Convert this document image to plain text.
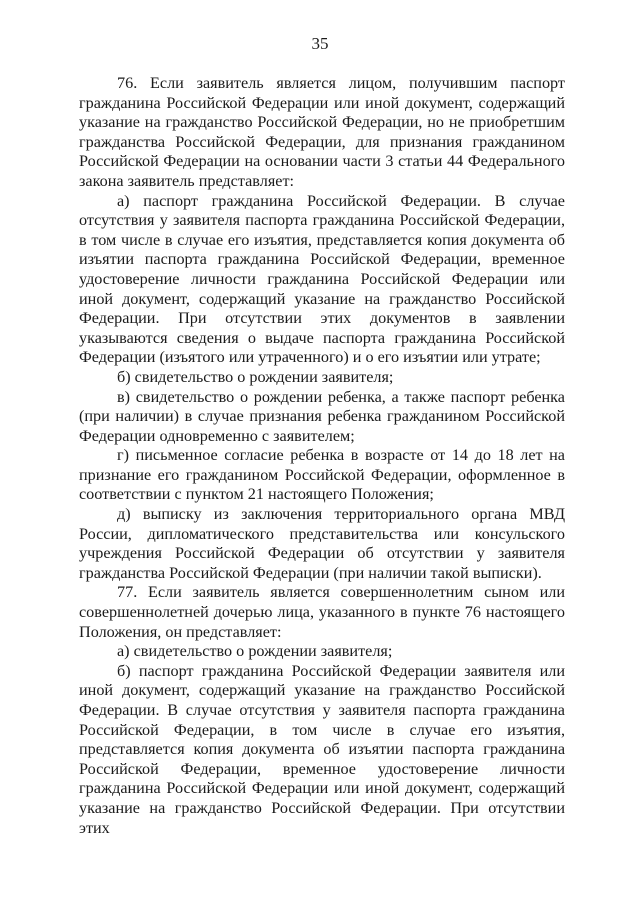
35

76. Если заявитель является лицом, получившим паспорт гражданина Российской Федерации или иной документ, содержащий указание на гражданство Российской Федерации, но не приобретшим гражданства Российской Федерации, для признания гражданином Российской Федерации на основании части 3 статьи 44 Федерального закона заявитель представляет:

а) паспорт гражданина Российской Федерации. В случае отсутствия у заявителя паспорта гражданина Российской Федерации, в том числе в случае его изъятия, представляется копия документа об изъятии паспорта гражданина Российской Федерации, временное удостоверение личности гражданина Российской Федерации или иной документ, содержащий указание на гражданство Российской Федерации. При отсутствии этих документов в заявлении указываются сведения о выдаче паспорта гражданина Российской Федерации (изъятого или утраченного) и о его изъятии или утрате;

б) свидетельство о рождении заявителя;

в) свидетельство о рождении ребенка, а также паспорт ребенка (при наличии) в случае признания ребенка гражданином Российской Федерации одновременно с заявителем;

г) письменное согласие ребенка в возрасте от 14 до 18 лет на признание его гражданином Российской Федерации, оформленное в соответствии с пунктом 21 настоящего Положения;

д) выписку из заключения территориального органа МВД России, дипломатического представительства или консульского учреждения Российской Федерации об отсутствии у заявителя гражданства Российской Федерации (при наличии такой выписки).

77. Если заявитель является совершеннолетним сыном или совершеннолетней дочерью лица, указанного в пункте 76 настоящего Положения, он представляет:

а) свидетельство о рождении заявителя;

б) паспорт гражданина Российской Федерации заявителя или иной документ, содержащий указание на гражданство Российской Федерации. В случае отсутствия у заявителя паспорта гражданина Российской Федерации, в том числе в случае его изъятия, представляется копия документа об изъятии паспорта гражданина Российской Федерации, временное удостоверение личности гражданина Российской Федерации или иной документ, содержащий указание на гражданство Российской Федерации. При отсутствии этих
